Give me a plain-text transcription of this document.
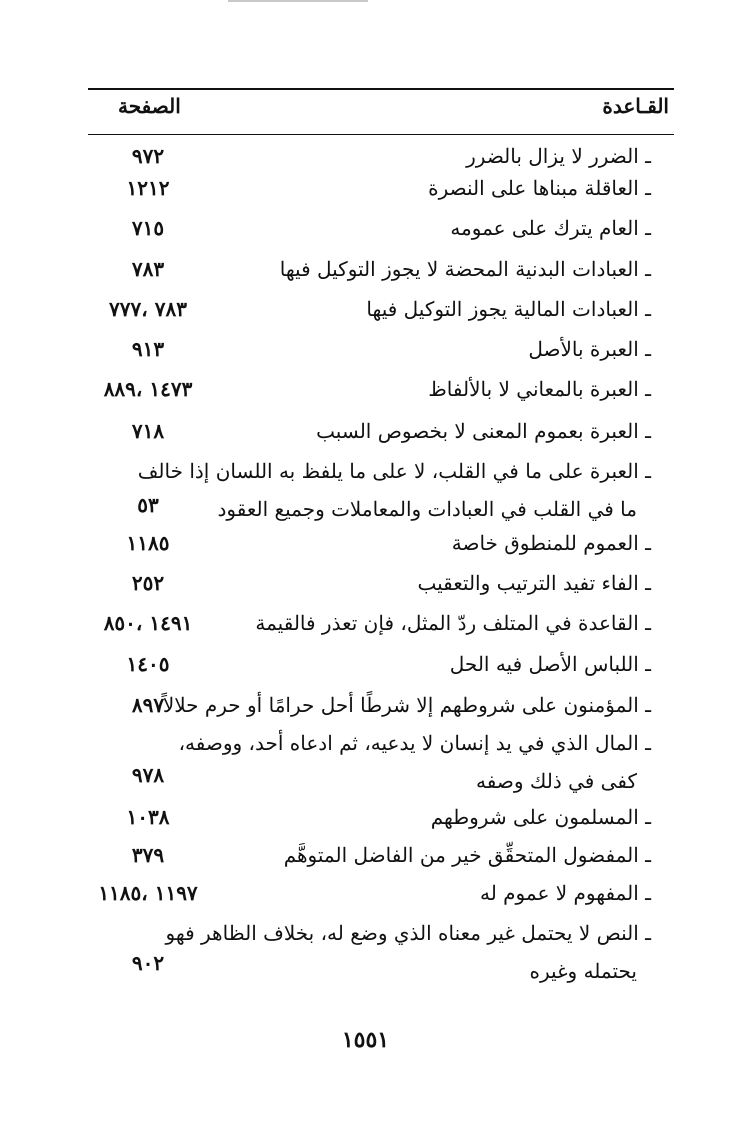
القـاعدة
الصفحة
ـ الضرر لا يزال بالضرر
٩٧٢
ـ العاقلة مبناها على النصرة
١٢١٢
ـ العام يترك على عمومه
٧١٥
ـ العبادات البدنية المحضة لا يجوز التوكيل فيها
٧٨٣
ـ العبادات المالية يجوز التوكيل فيها
٧٨٣ ،٧٧٧
ـ العبرة بالأصل
٩١٣
ـ العبرة بالمعاني لا بالألفاظ
١٤٧٣ ،٨٨٩
ـ العبرة بعموم المعنى لا بخصوص السبب
٧١٨
ـ العبرة على ما في القلب، لا على ما يلفظ به اللسان إذا خالف
ما في القلب في العبادات والمعاملات وجميع العقود
٥٣
ـ العموم للمنطوق خاصة
١١٨٥
ـ الفاء تفيد الترتيب والتعقيب
٢٥٢
ـ القاعدة في المتلف ردّ المثل، فإن تعذر فالقيمة
١٤٩١ ،٨٥٠
ـ اللباس الأصل فيه الحل
١٤٠٥
ـ المؤمنون على شروطهم إلا شرطًا أحل حرامًا أو حرم حلالاً
٨٩٧
ـ المال الذي في يد إنسان لا يدعيه، ثم ادعاه أحد، ووصفه،
كفى في ذلك وصفه
٩٧٨
ـ المسلمون على شروطهم
١٠٣٨
ـ المفضول المتحقِّق خير من الفاضل المتوهَّم
٣٧٩
ـ المفهوم لا عموم له
١١٩٧ ،١١٨٥
ـ النص لا يحتمل غير معناه الذي وضع له، بخلاف الظاهر فهو
يحتمله وغيره
٩٠٢
١٥٥١
